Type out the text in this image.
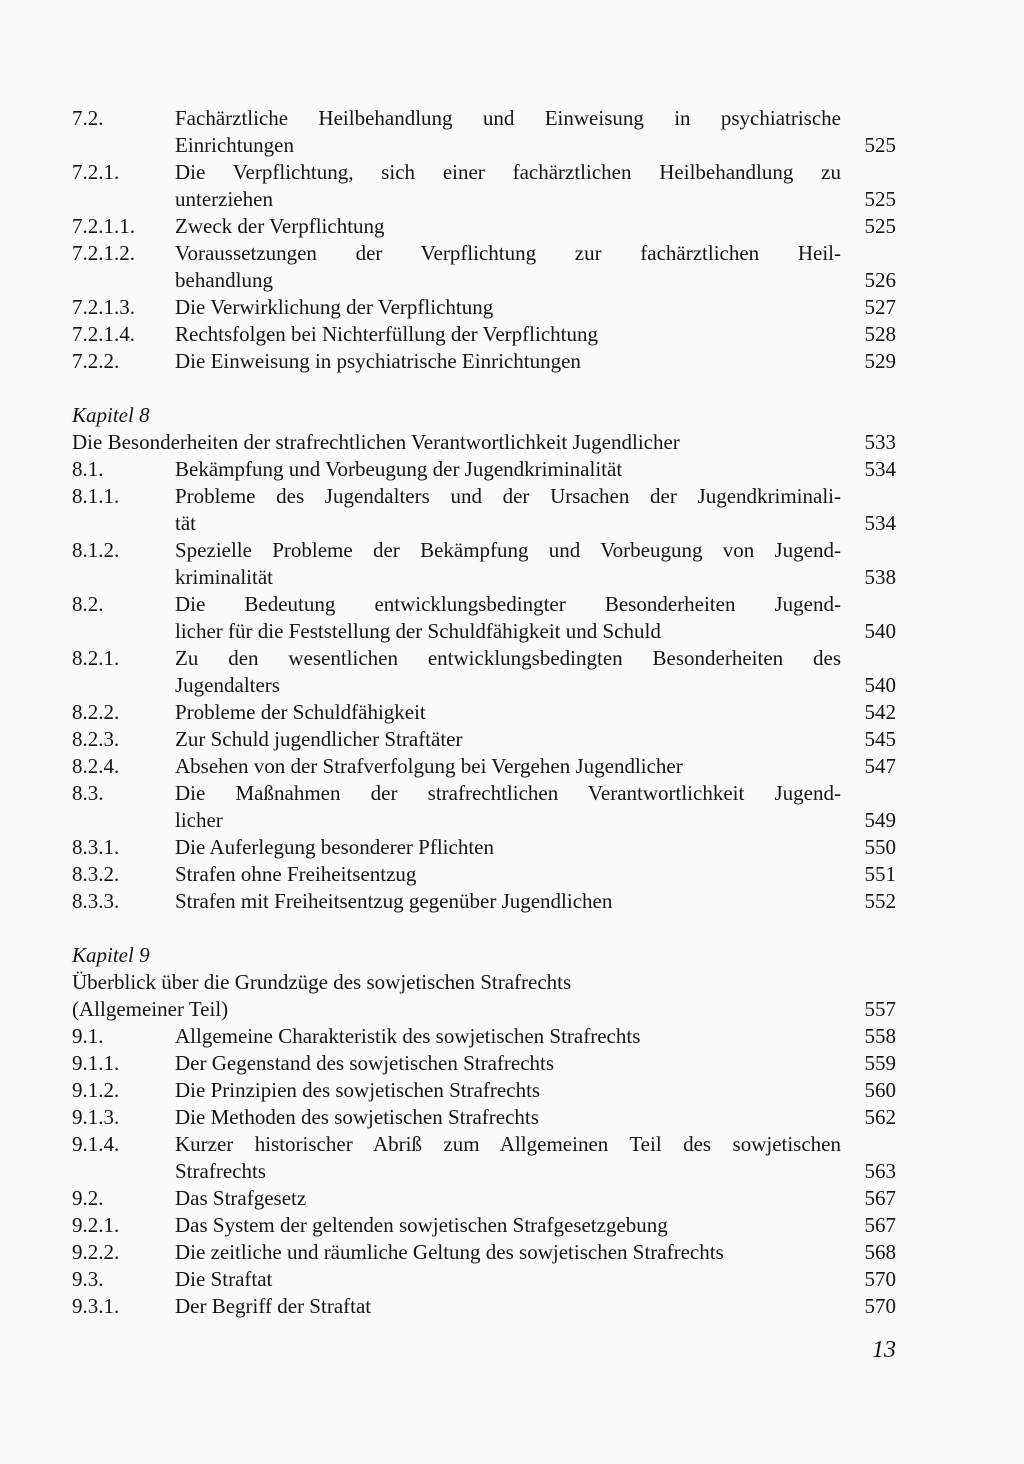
7.2.	Fachärztliche Heilbehandlung und Einweisung in psychiatrische
Einrichtungen	525
7.2.1.	Die Verpflichtung, sich einer fachärztlichen Heilbehandlung zu
unterziehen	525
7.2.1.1. Zweck der Verpflichtung	525
7.2.1.2. Voraussetzungen der Verpflichtung zur fachärztlichen Heil-
behandlung	526
7.2.1.3. Die Verwirklichung der Verpflichtung	527
7.2.1.4. Rechtsfolgen bei Nichterfüllung der Verpflichtung	528
7.2.2.	Die Einweisung in psychiatrische Einrichtungen	529
Kapitel 8
Die Besonderheiten der strafrechtlichen Verantwortlichkeit Jugendlicher	533
8.1.	Bekämpfung und Vorbeugung der Jugendkriminalität	534
8.1.1.	Probleme des Jugendalters und der Ursachen der Jugendkriminali-
tät	534
8.1.2.	Spezielle Probleme der Bekämpfung und Vorbeugung von Jugend-
kriminalität	538
8.2.	Die Bedeutung entwicklungsbedingter Besonderheiten Jugend-
licher für die Feststellung der Schuldfähigkeit und Schuld	540
8.2.1.	Zu den wesentlichen entwicklungsbedingten Besonderheiten des
Jugendalters	540
8.2.2.	Probleme der Schuldfähigkeit	542
8.2.3.	Zur Schuld jugendlicher Straftäter	545
8.2.4.	Absehen von der Strafverfolgung bei Vergehen Jugendlicher	547
8.3.	Die Maßnahmen der strafrechtlichen Verantwortlichkeit Jugend-
licher	549
8.3.1.	Die Auferlegung besonderer Pflichten	550
8.3.2.	Strafen ohne Freiheitsentzug	551
8.3.3.	Strafen mit Freiheitsentzug gegenüber Jugendlichen	552
Kapitel 9
Überblick über die Grundzüge des sowjetischen Strafrechts
(Allgemeiner Teil)	557
9.1.	Allgemeine Charakteristik des sowjetischen Strafrechts	558
9.1.1.	Der Gegenstand des sowjetischen Strafrechts	559
9.1.2.	Die Prinzipien des sowjetischen Strafrechts	560
9.1.3.	Die Methoden des sowjetischen Strafrechts	562
9.1.4.	Kurzer historischer Abriß zum Allgemeinen Teil des sowjetischen
Strafrechts	563
9.2.	Das Strafgesetz	567
9.2.1.	Das System der geltenden sowjetischen Strafgesetzgebung	567
9.2.2.	Die zeitliche und räumliche Geltung des sowjetischen Strafrechts	568
9.3.	Die Straftat	570
9.3.1.	Der Begriff der Straftat	570
13
